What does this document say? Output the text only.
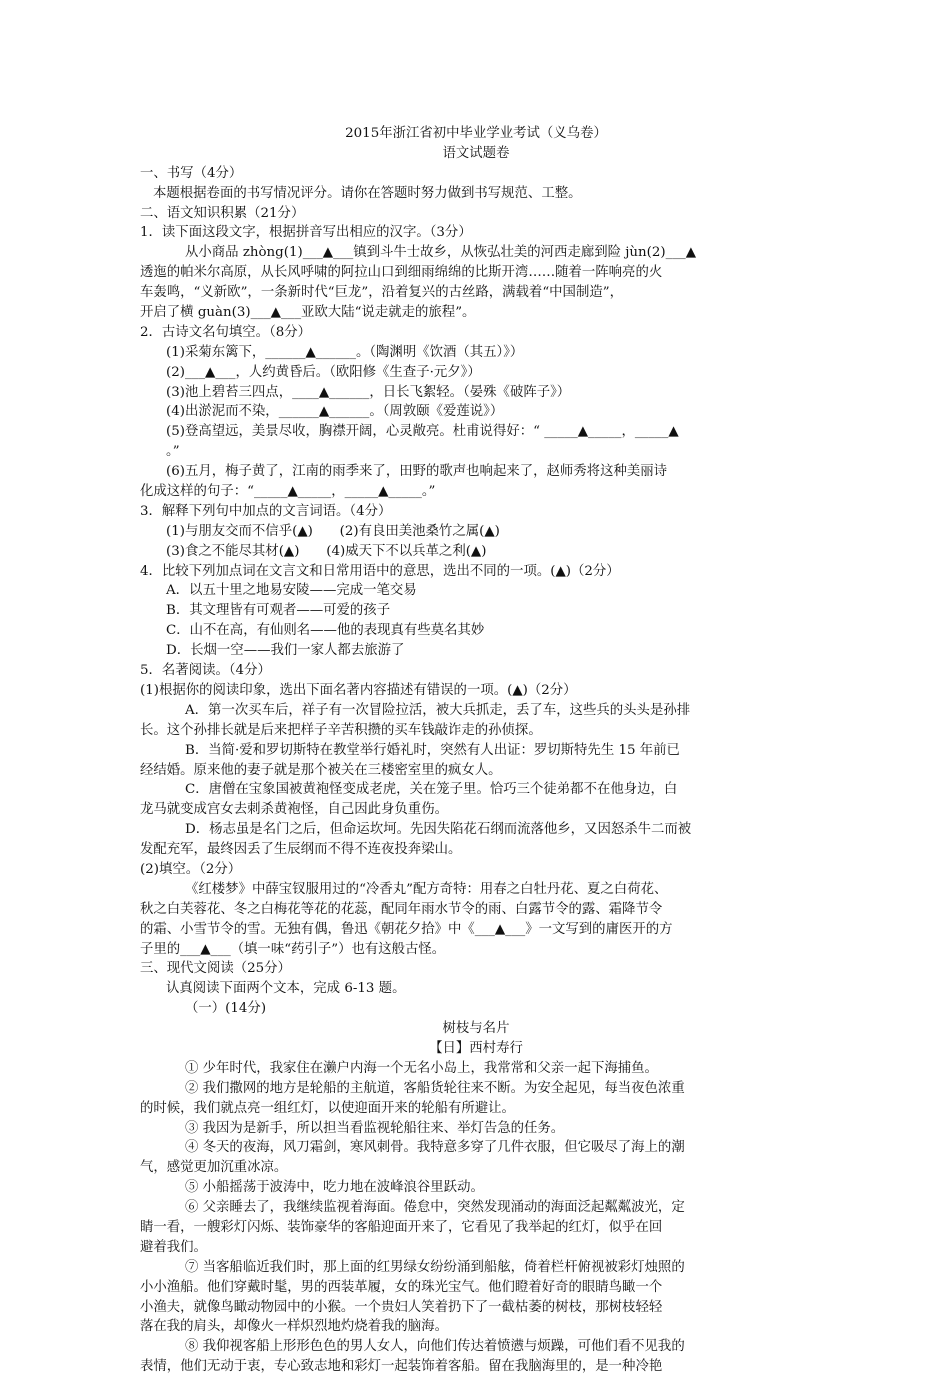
2015年浙江省初中毕业学业考试（义乌卷）
语文试题卷
一、书写（4分）
本题根据卷面的书写情况评分。请你在答题时努力做到书写规范、工整。
二、语文知识积累（21分）
1．读下面这段文字，根据拼音写出相应的汉字。（3分）
从小商品 zhòng(1)___▲___镇到斗牛士故乡，从恢弘壮美的河西走廊到险 jùn(2)___▲
透迤的帕米尔高原，从长风呼啸的阿拉山口到细雨绵绵的比斯开湾……随着一阵响亮的火
车轰鸣，“义新欧”，一条新时代“巨龙”，沿着复兴的古丝路，满载着“中国制造”，
开启了横 guàn(3)___▲___亚欧大陆“说走就走的旅程”。
2．古诗文名句填空。（8分）
(1)采菊东篱下，______▲______。（陶渊明《饮酒（其五）》）
(2)___▲___，人约黄昏后。（欧阳修《生查子·元夕》）
(3)池上碧苔三四点，____▲______，日长飞絮轻。（晏殊《破阵子》）
(4)出淤泥而不染，______▲______。（周敦颐《爱莲说》）
(5)登高望远，美景尽收，胸襟开阔，心灵敞亮。杜甫说得好：“ _____▲_____，_____▲
。”
(6)五月，梅子黄了，江南的雨季来了，田野的歌声也响起来了，赵师秀将这种美丽诗
化成这样的句子：“_____▲_____，_____▲_____。”
3．解释下列句中加点的文言词语。（4分）
(1)与朋友交而不信乎(▲)　　(2)有良田美池桑竹之属(▲)
(3)食之不能尽其材(▲)　　(4)威天下不以兵革之利(▲)
4．比较下列加点词在文言文和日常用语中的意思，选出不同的一项。(▲)（2分）
A．以五十里之地易安陵——完成一笔交易
B．其文理皆有可观者——可爱的孩子
C．山不在高，有仙则名——他的表现真有些莫名其妙
D．长烟一空——我们一家人都去旅游了
5．名著阅读。（4分）
(1)根据你的阅读印象，选出下面名著内容描述有错误的一项。(▲)（2分）
A．第一次买车后，祥子有一次冒险拉活，被大兵抓走，丢了车，这些兵的头头是孙排
长。这个孙排长就是后来把样子辛苦积攒的买车钱敲诈走的孙侦探。
B．当简·爱和罗切斯特在教堂举行婚礼时，突然有人出证：罗切斯特先生 15 年前已
经结婚。原来他的妻子就是那个被关在三楼密室里的疯女人。
C．唐僧在宝象国被黄袍怪变成老虎，关在笼子里。恰巧三个徒弟都不在他身边，白
龙马就变成宫女去刺杀黄袍怪，自己因此身负重伤。
D．杨志虽是名门之后，但命运坎坷。先因失陷花石纲而流落他乡，又因怒杀牛二而被
发配充军，最终因丢了生辰纲而不得不连夜投奔梁山。
(2)填空。（2分）
《红楼梦》中薛宝钗服用过的“冷香丸”配方奇特：用春之白牡丹花、夏之白荷花、
秋之白芙蓉花、冬之白梅花等花的花蕊，配同年雨水节令的雨、白露节令的露、霜降节令
的霜、小雪节令的雪。无独有偶，鲁迅《朝花夕拾》中《___▲___》一文写到的庸医开的方
子里的___▲___（填一味“药引子”）也有这般古怪。
三、现代文阅读（25分）
认真阅读下面两个文本，完成 6-13 题。
（一）(14分)
树枝与名片
【日】西村寿行
① 少年时代，我家住在濑户内海一个无名小岛上，我常常和父亲一起下海捕鱼。
② 我们撒网的地方是轮船的主航道，客船货轮往来不断。为安全起见，每当夜色浓重
的时候，我们就点亮一组红灯，以使迎面开来的轮船有所避让。
③ 我因为是新手，所以担当看监视轮船往来、举灯告急的任务。
④ 冬天的夜海，风刀霜剑，寒风刺骨。我特意多穿了几件衣服，但它吸尽了海上的潮
气，感觉更加沉重冰凉。
⑤ 小船摇荡于波涛中，吃力地在波峰浪谷里跃动。
⑥ 父亲睡去了，我继续监视着海面。倦怠中，突然发现涌动的海面泛起粼粼波光，定
睛一看，一艘彩灯闪烁、装饰豪华的客船迎面开来了，它看见了我举起的红灯，似乎在回
避着我们。
⑦ 当客船临近我们时，那上面的红男绿女纷纷涌到船舷，倚着栏杆俯视被彩灯烛照的
小小渔船。他们穿戴时髦，男的西装革履，女的珠光宝气。他们瞪着好奇的眼睛鸟瞰一个
小渔夫，就像鸟瞰动物园中的小猴。一个贵妇人笑着扔下了一截枯萎的树枝，那树枝轻轻
落在我的肩头，却像火一样炽烈地灼烧着我的脑海。
⑧ 我仰视客船上形形色色的男人女人，向他们传达着愤懑与烦躁，可他们看不见我的
表情，他们无动于衷，专心致志地和彩灯一起装饰着客船。留在我脑海里的，是一种冷艳
